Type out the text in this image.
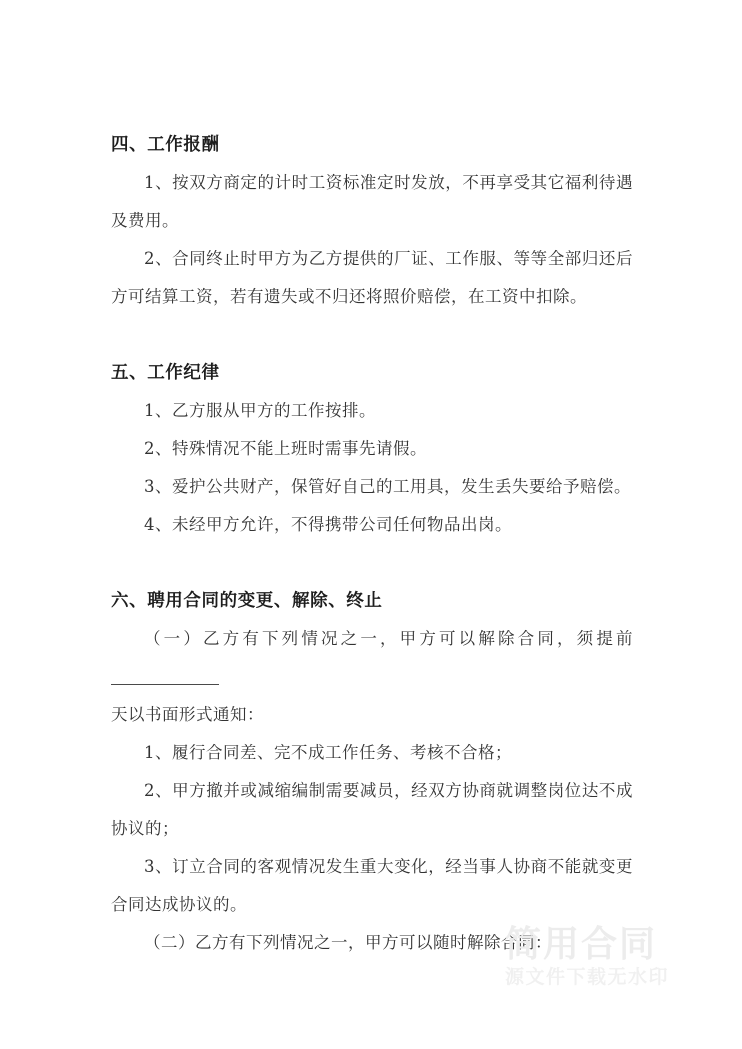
四、工作报酬

1、按双方商定的计时工资标准定时发放，不再享受其它福利待遇及费用。

2、合同终止时甲方为乙方提供的厂证、工作服、等等全部归还后方可结算工资，若有遗失或不归还将照价赔偿，在工资中扣除。

五、工作纪律

1、乙方服从甲方的工作按排。

2、特殊情况不能上班时需事先请假。

3、爱护公共财产，保管好自己的工用具，发生丢失要给予赔偿。

4、未经甲方允许，不得携带公司任何物品出岗。

六、聘用合同的变更、解除、终止

（一）乙方有下列情况之一，甲方可以解除合同，须提前

天以书面形式通知：

1、履行合同差、完不成工作任务、考核不合格；

2、甲方撤并或减缩编制需要减员，经双方协商就调整岗位达不成协议的；

3、订立合同的客观情况发生重大变化，经当事人协商不能就变更合同达成协议的。

（二）乙方有下列情况之一，甲方可以随时解除合同：

简用合同
源文件下载无水印
